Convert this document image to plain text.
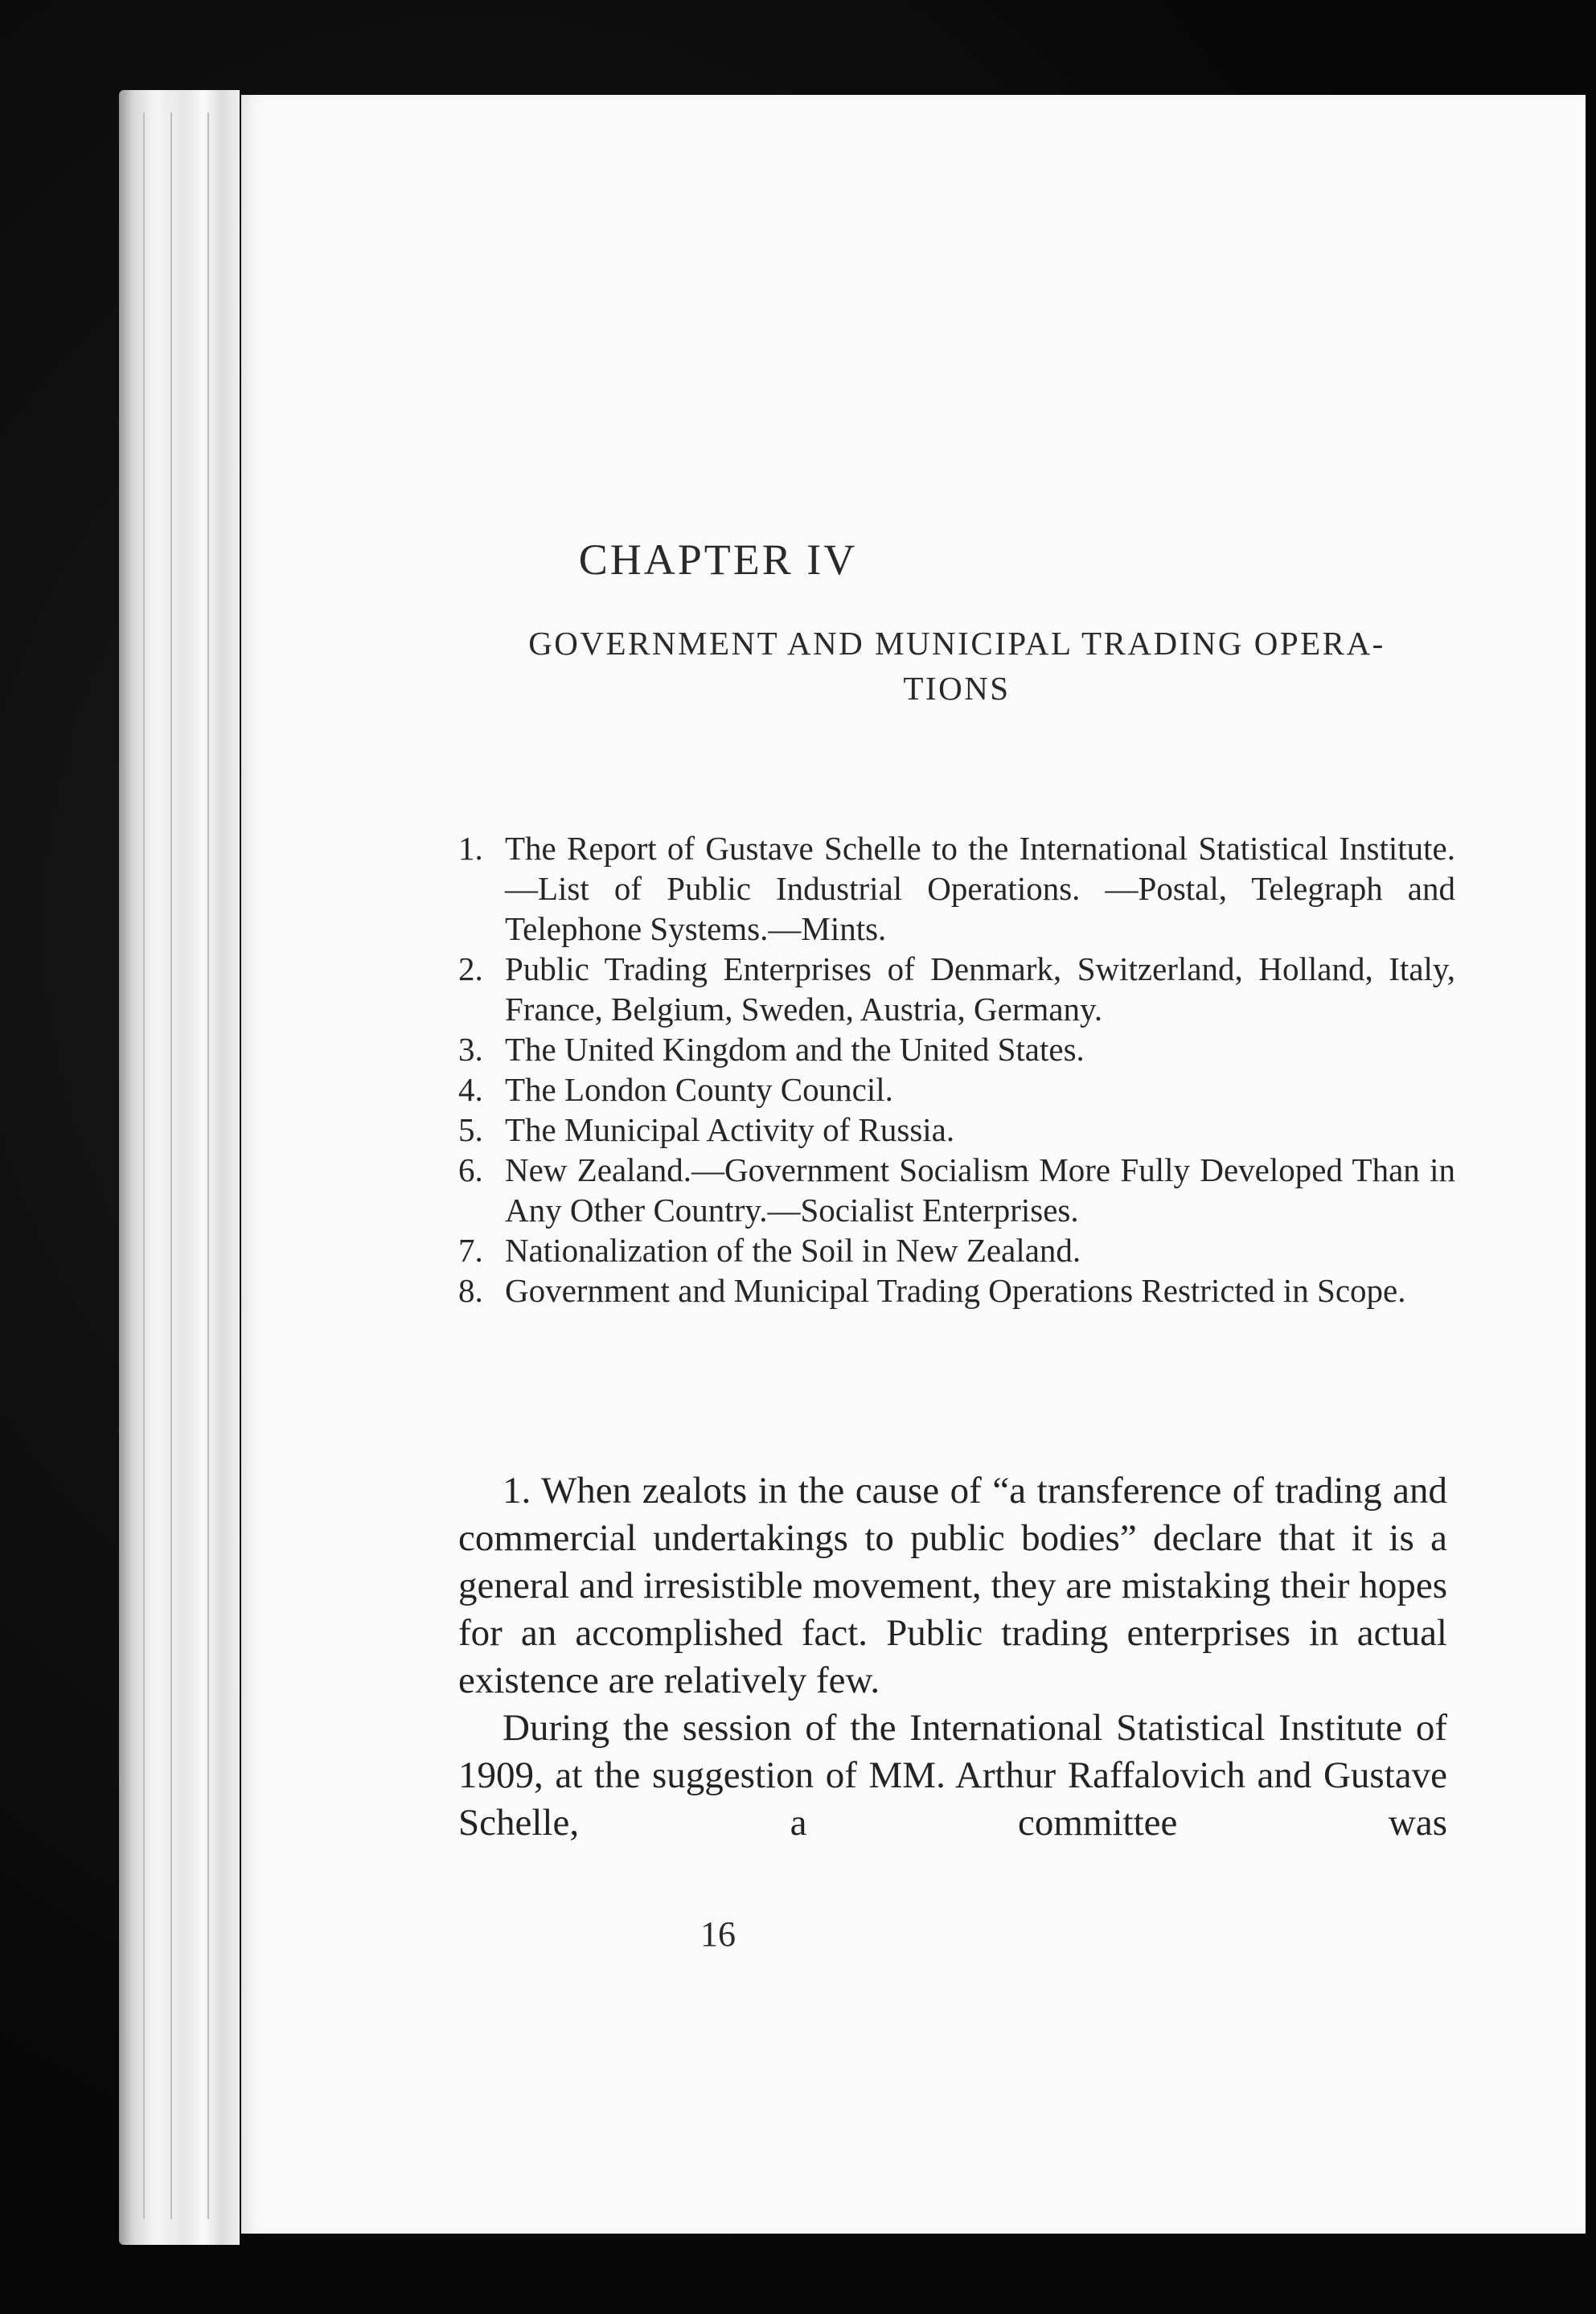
CHAPTER IV
GOVERNMENT AND MUNICIPAL TRADING OPERA-
TIONS
1. The Report of Gustave Schelle to the International Statistical Institute.—List of Public Industrial Operations. —Postal, Telegraph and Telephone Systems.—Mints.
2. Public Trading Enterprises of Denmark, Switzerland, Holland, Italy, France, Belgium, Sweden, Austria, Germany.
3. The United Kingdom and the United States.
4. The London County Council.
5. The Municipal Activity of Russia.
6. New Zealand.—Government Socialism More Fully Developed Than in Any Other Country.—Socialist Enterprises.
7. Nationalization of the Soil in New Zealand.
8. Government and Municipal Trading Operations Restricted in Scope.

1. When zealots in the cause of “a transference of trading and commercial undertakings to public bodies” declare that it is a general and irresistible movement, they are mistaking their hopes for an accomplished fact. Public trading enterprises in actual existence are relatively few.

During the session of the International Statistical Institute of 1909, at the suggestion of MM. Arthur Raffalovich and Gustave Schelle, a committee was

16
